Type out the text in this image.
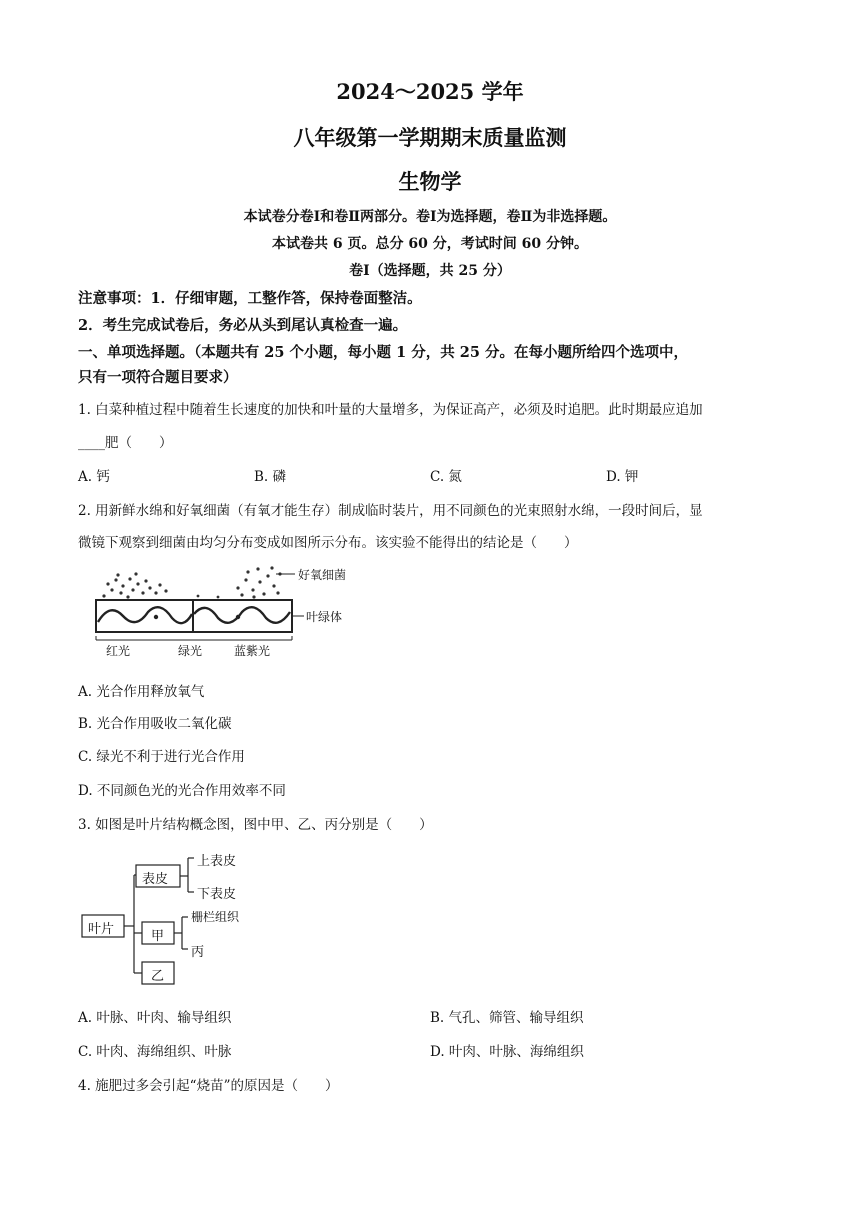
2024～2025 学年
八年级第一学期期末质量监测
生物学
本试卷分卷Ⅰ和卷Ⅱ两部分。卷Ⅰ为选择题，卷Ⅱ为非选择题。
本试卷共 6 页。总分 60 分，考试时间 60 分钟。
卷Ⅰ（选择题，共 25 分）
注意事项：1．仔细审题，工整作答，保持卷面整洁。
2．考生完成试卷后，务必从头到尾认真检查一遍。
一、单项选择题。（本题共有 25 个小题，每小题 1 分，共 25 分。在每小题所给四个选项中，
只有一项符合题目要求）
1. 白菜种植过程中随着生长速度的加快和叶量的大量增多，为保证高产，必须及时追肥。此时期最应追加
____肥（　　）
A. 钙	B. 磷	C. 氮	D. 钾
2. 用新鲜水绵和好氧细菌（有氧才能生存）制成临时装片，用不同颜色的光束照射水绵，一段时间后，显
微镜下观察到细菌由均匀分布变成如图所示分布。该实验不能得出的结论是（　　）
好氧细菌
叶绿体
红光	绿光	蓝紫光
A. 光合作用释放氧气
B. 光合作用吸收二氧化碳
C. 绿光不利于进行光合作用
D. 不同颜色光的光合作用效率不同
3. 如图是叶片结构概念图，图中甲、乙、丙分别是（　　）
叶片
表皮
上表皮
下表皮
甲
栅栏组织
丙
乙
A. 叶脉、叶肉、输导组织	B. 气孔、筛管、输导组织
C. 叶肉、海绵组织、叶脉	D. 叶肉、叶脉、海绵组织
4. 施肥过多会引起“烧苗”的原因是（　　）
